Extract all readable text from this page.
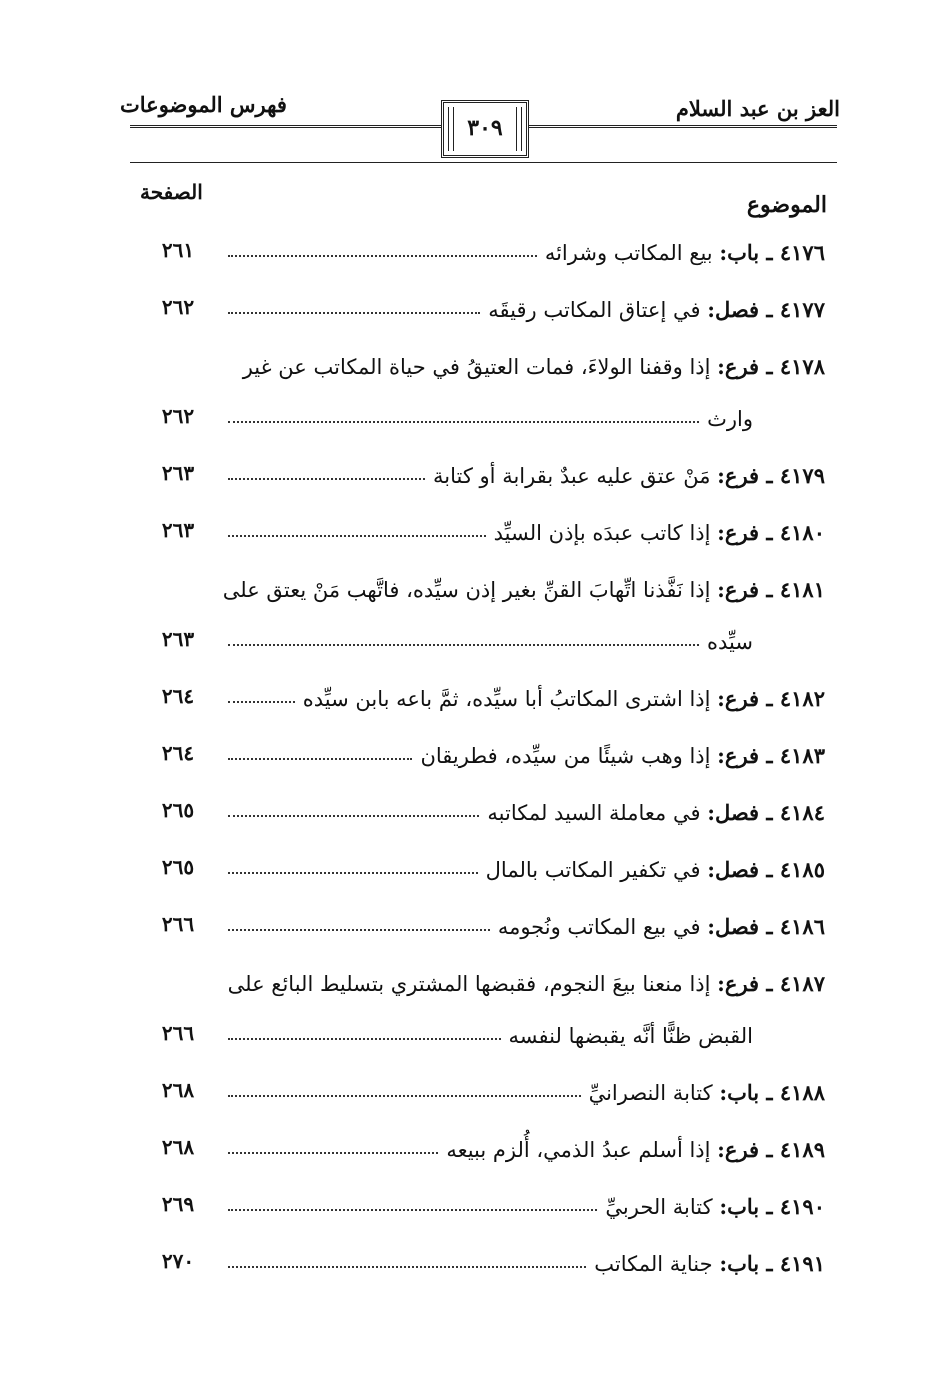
العز بن عبد السلام
فهرس الموضوعات
٣٠٩
الموضوع
الصفحة
٤١٧٦
ـ
باب:

بيع المكاتب وشرائه
٢٦١
٤١٧٧
ـ
فصل:

في إعتاق المكاتب رقيقَه
٢٦٢
٤١٧٨
ـ
فرع:

إذا وقفنا الولاءَ، فمات العتيقُ في حياة المكاتب عن غير
وارث
٢٦٢
٤١٧٩
ـ
فرع:

مَنْ عتق عليه عبدٌ بقرابة أو كتابة
٢٦٣
٤١٨٠
ـ
فرع:

إذا كاتب عبدَه بإذن السيِّد
٢٦٣
٤١٨١
ـ
فرع:

إذا نَفَّذنا اتِّهابَ القنِّ بغير إذن سيِّده، فاتَّهب مَنْ يعتق على
سيِّده
٢٦٣
٤١٨٢
ـ
فرع:

إذا اشترى المكاتبُ أبا سيِّده، ثمَّ باعه بابن سيِّده
٢٦٤
٤١٨٣
ـ
فرع:

إذا وهب شيئًا من سيِّده، فطريقان
٢٦٤
٤١٨٤
ـ
فصل:

في معاملة السيد لمكاتبه
٢٦٥
٤١٨٥
ـ
فصل:

في تكفير المكاتب بالمال
٢٦٥
٤١٨٦
ـ
فصل:

في بيع المكاتب ونُجومه
٢٦٦
٤١٨٧
ـ
فرع:

إذا منعنا بيعَ النجوم، فقبضها المشتري بتسليط البائع على
القبض ظنًّا أنَّه يقبضها لنفسه
٢٦٦
٤١٨٨
ـ
باب:

كتابة النصرانيِّ
٢٦٨
٤١٨٩
ـ
فرع:

إذا أسلم عبدُ الذمي، أُلزم ببيعه
٢٦٨
٤١٩٠
ـ
باب:

كتابة الحربيِّ
٢٦٩
٤١٩١
ـ
باب:

جناية المكاتب
٢٧٠
